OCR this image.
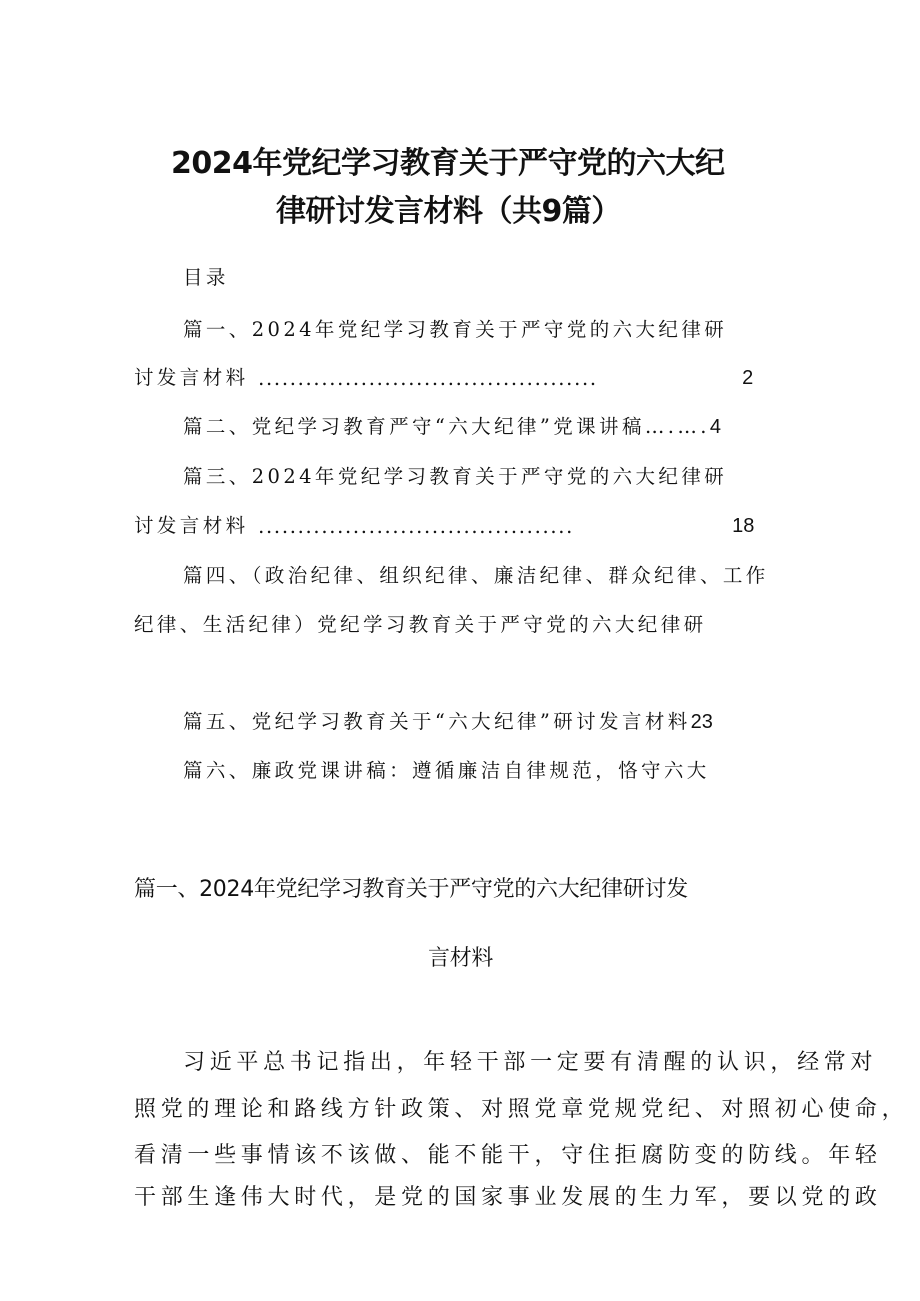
2024年党纪学习教育关于严守党的六大纪
律研讨发言材料（共9篇）
目录
篇一、2024年党纪学习教育关于严守党的六大纪律研
讨发言材料 ...........................................	2
篇二、党纪学习教育严守“六大纪律”党课讲稿….….4
篇三、2024年党纪学习教育关于严守党的六大纪律研
讨发言材料 ........................................	18
篇四、（政治纪律、组织纪律、廉洁纪律、群众纪律、工作
纪律、生活纪律）党纪学习教育关于严守党的六大纪律研
篇五、党纪学习教育关于“六大纪律”研讨发言材料23
篇六、廉政党课讲稿：遵循廉洁自律规范，恪守六大
篇一、2024年党纪学习教育关于严守党的六大纪律研讨发
言材料
习近平总书记指出，年轻干部一定要有清醒的认识，经常对
照党的理论和路线方针政策、对照党章党规党纪、对照初心使命，
看清一些事情该不该做、能不能干，守住拒腐防变的防线。年轻
干部生逢伟大时代，是党的国家事业发展的生力军，要以党的政
